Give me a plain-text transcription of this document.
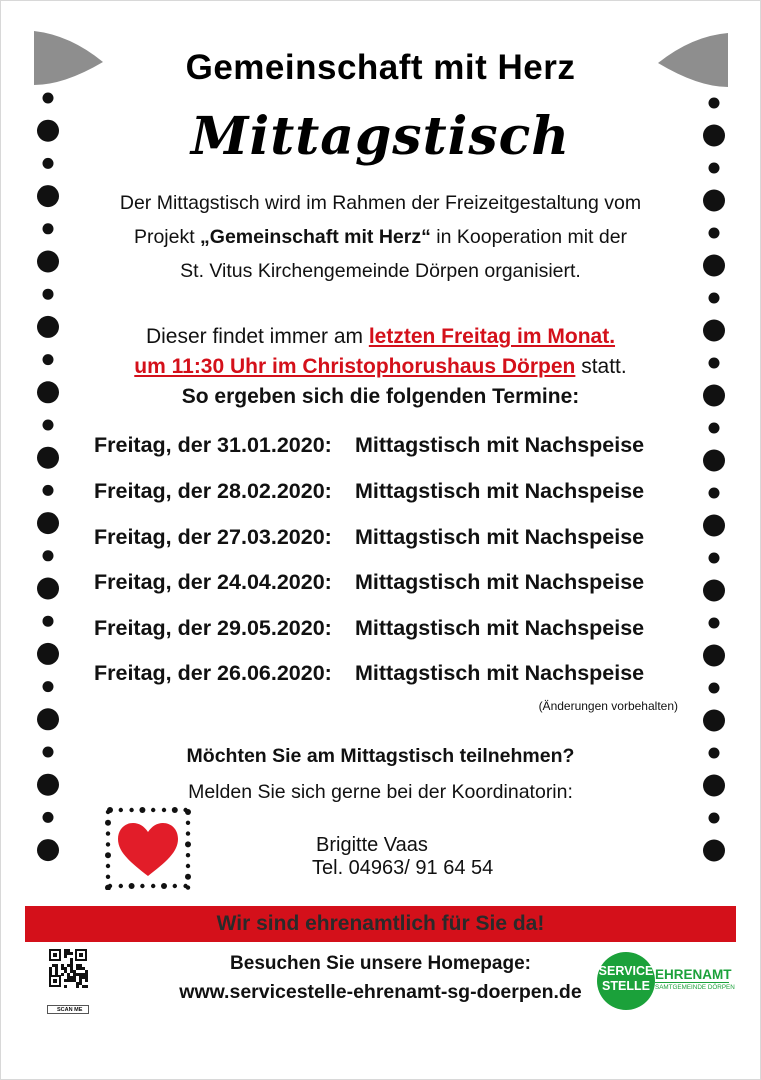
Gemeinschaft mit Herz
Mittagstisch
Der Mittagstisch wird im Rahmen der Freizeitgestaltung vom
Projekt „Gemeinschaft mit Herz“ in Kooperation mit der
St. Vitus Kirchengemeinde Dörpen organisiert.
Dieser findet immer am letzten Freitag im Monat.
um 11:30 Uhr im Christophorushaus Dörpen statt.
So ergeben sich die folgenden Termine:
Freitag, der 31.01.2020: Mittagstisch mit Nachspeise
Freitag, der 28.02.2020: Mittagstisch mit Nachspeise
Freitag, der 27.03.2020: Mittagstisch mit Nachspeise
Freitag, der 24.04.2020: Mittagstisch mit Nachspeise
Freitag, der 29.05.2020: Mittagstisch mit Nachspeise
Freitag, der 26.06.2020: Mittagstisch mit Nachspeise
(Änderungen vorbehalten)
Möchten Sie am Mittagstisch teilnehmen?
Melden Sie sich gerne bei der Koordinatorin:
Brigitte Vaas
Tel. 04963/ 91 64 54
Wir sind ehrenamtlich für Sie da!
Besuchen Sie unsere Homepage:
www.servicestelle-ehrenamt-sg-doerpen.de
SCAN ME
SERVICE
STELLE
EHRENAMT
SAMTGEMEINDE DÖRPEN
